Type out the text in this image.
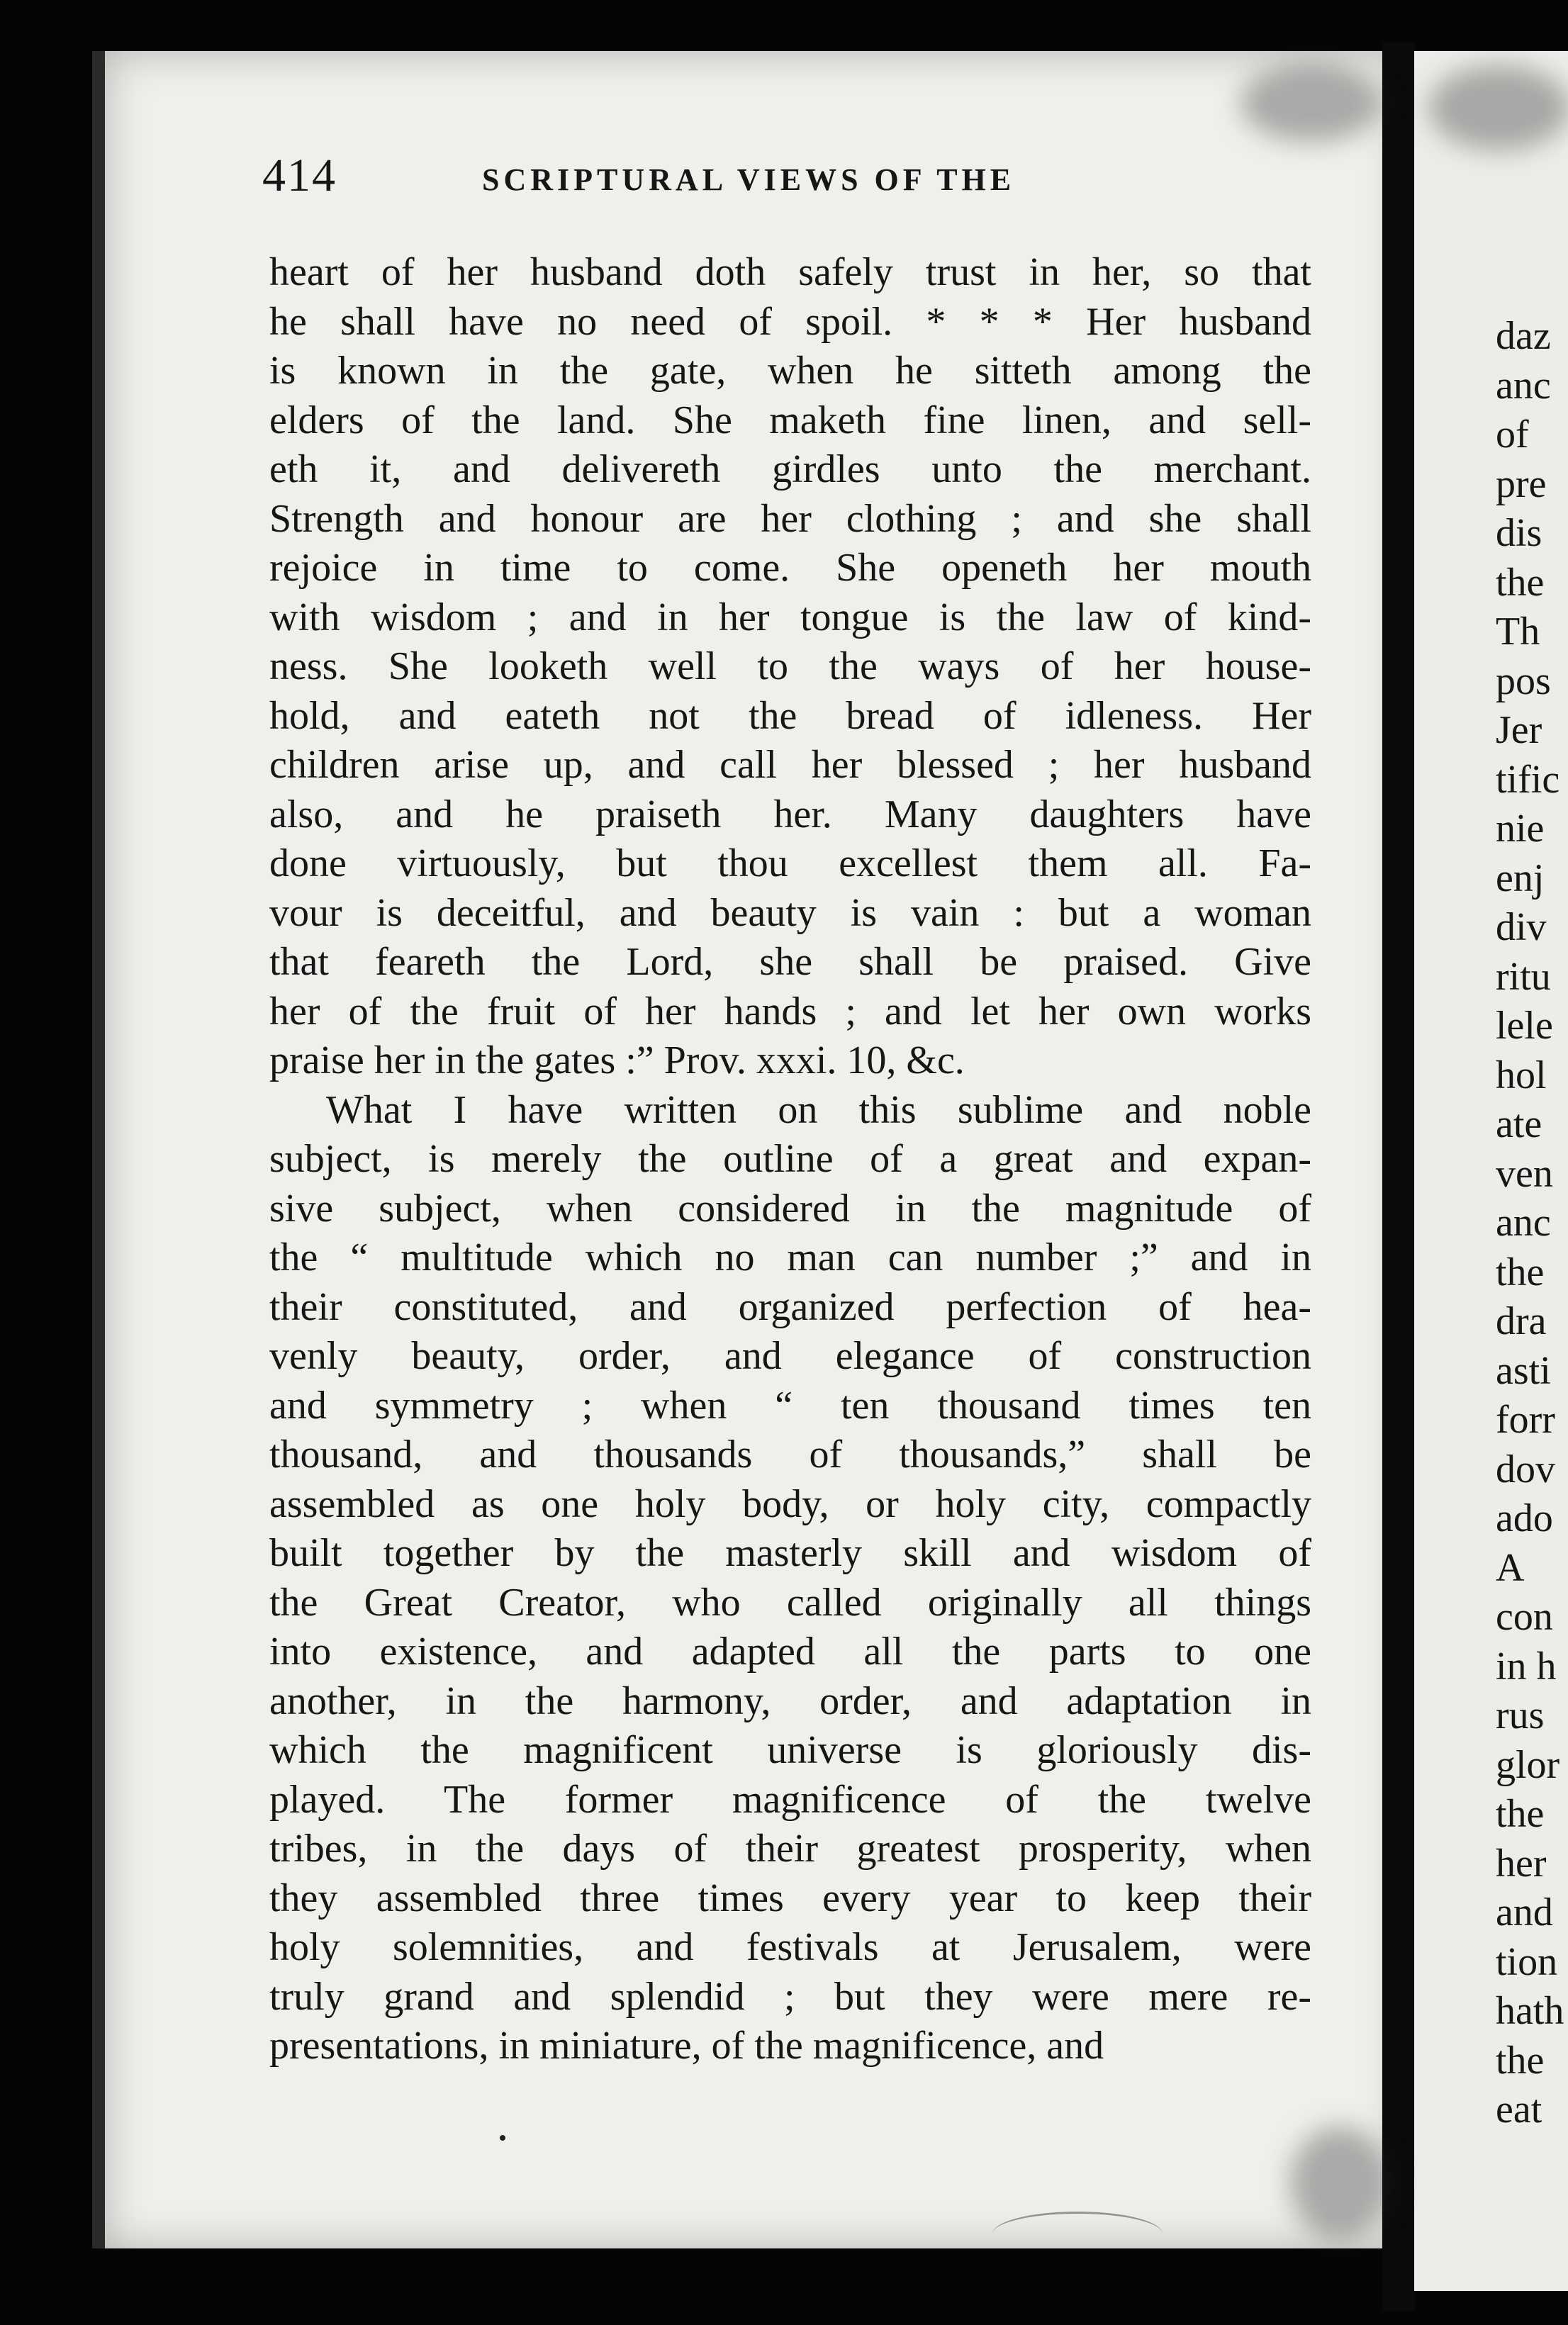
414	SCRIPTURAL VIEWS OF THE
heart of her husband doth safely trust in her, so that
he shall have no need of spoil. * * * Her husband
is known in the gate, when he sitteth among the
elders of the land. She maketh fine linen, and sell-
eth it, and delivereth girdles unto the merchant.
Strength and honour are her clothing ; and she shall
rejoice in time to come. She openeth her mouth
with wisdom ; and in her tongue is the law of kind-
ness. She looketh well to the ways of her house-
hold, and eateth not the bread of idleness. Her
children arise up, and call her blessed ; her husband
also, and he praiseth her. Many daughters have
done virtuously, but thou excellest them all. Fa-
vour is deceitful, and beauty is vain : but a woman
that feareth the Lord, she shall be praised. Give
her of the fruit of her hands ; and let her own works
praise her in the gates :” Prov. xxxi. 10, &c.
What I have written on this sublime and noble
subject, is merely the outline of a great and expan-
sive subject, when considered in the magnitude of
the “ multitude which no man can number ;” and in
their constituted, and organized perfection of hea-
venly beauty, order, and elegance of construction
and symmetry ; when “ ten thousand times ten
thousand, and thousands of thousands,” shall be
assembled as one holy body, or holy city, compactly
built together by the masterly skill and wisdom of
the Great Creator, who called originally all things
into existence, and adapted all the parts to one
another, in the harmony, order, and adaptation in
which the magnificent universe is gloriously dis-
played. The former magnificence of the twelve
tribes, in the days of their greatest prosperity, when
they assembled three times every year to keep their
holy solemnities, and festivals at Jerusalem, were
truly grand and splendid ; but they were mere re-
presentations, in miniature, of the magnificence, and
daz
anc
of
pre
dis
the
Th
pos
Jer
tific
nie
enj
div
ritu
lele
hol
ate
ven
anc
the
dra
asti
forr
dov
ado
A
con
in h
rus
glor
the
her
and
tion
hath
the
eat
